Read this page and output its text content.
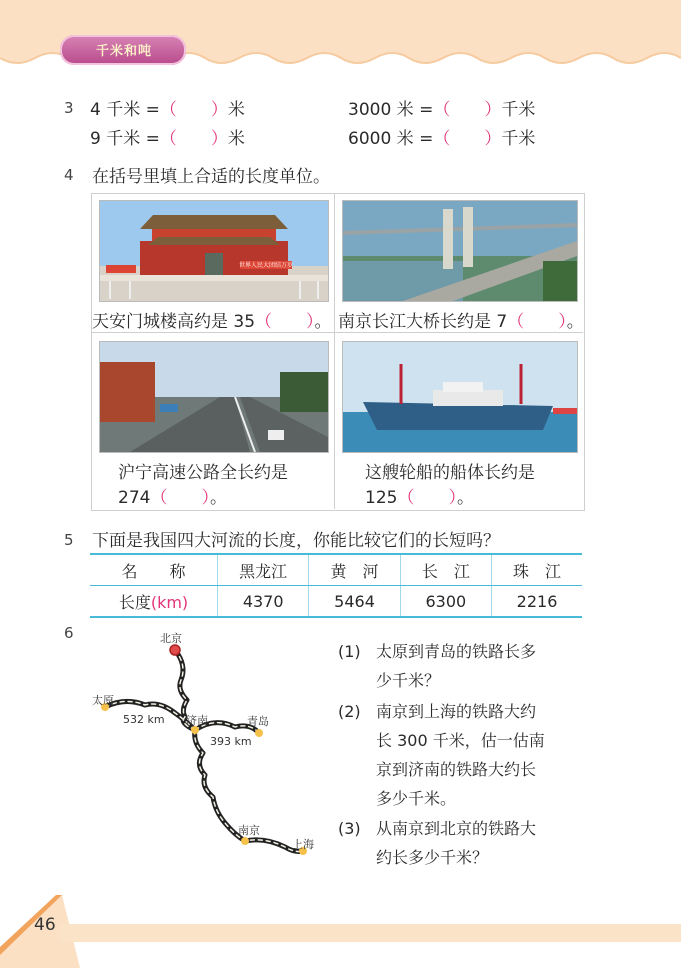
千米和吨
3 4 千米 =（　　）米	3000 米 =（　　）千米
9 千米 =（　　）米	6000 米 =（　　）千米
4 在括号里填上合适的长度单位。
世界人民大团结万岁
天安门城楼高约是 35（　　）。 南京长江大桥长约是 7（　　）。
沪宁高速公路全长约是
274（　　）。
这艘轮船的船体长约是
125（　　）。
5 下面是我国四大河流的长度，你能比较它们的长短吗？
名　　称	黑龙江	黄　河	长　江	珠　江
长度(km)	4370	5464	6300	2216
6	北京
太原
济南	青岛
南京
上海
532 km
393 km
(1) 太原到青岛的铁路长多
少千米？
(2) 南京到上海的铁路大约
长 300 千米，估一估南
京到济南的铁路大约长
多少千米。
(3) 从南京到北京的铁路大
约长多少千米？
46
